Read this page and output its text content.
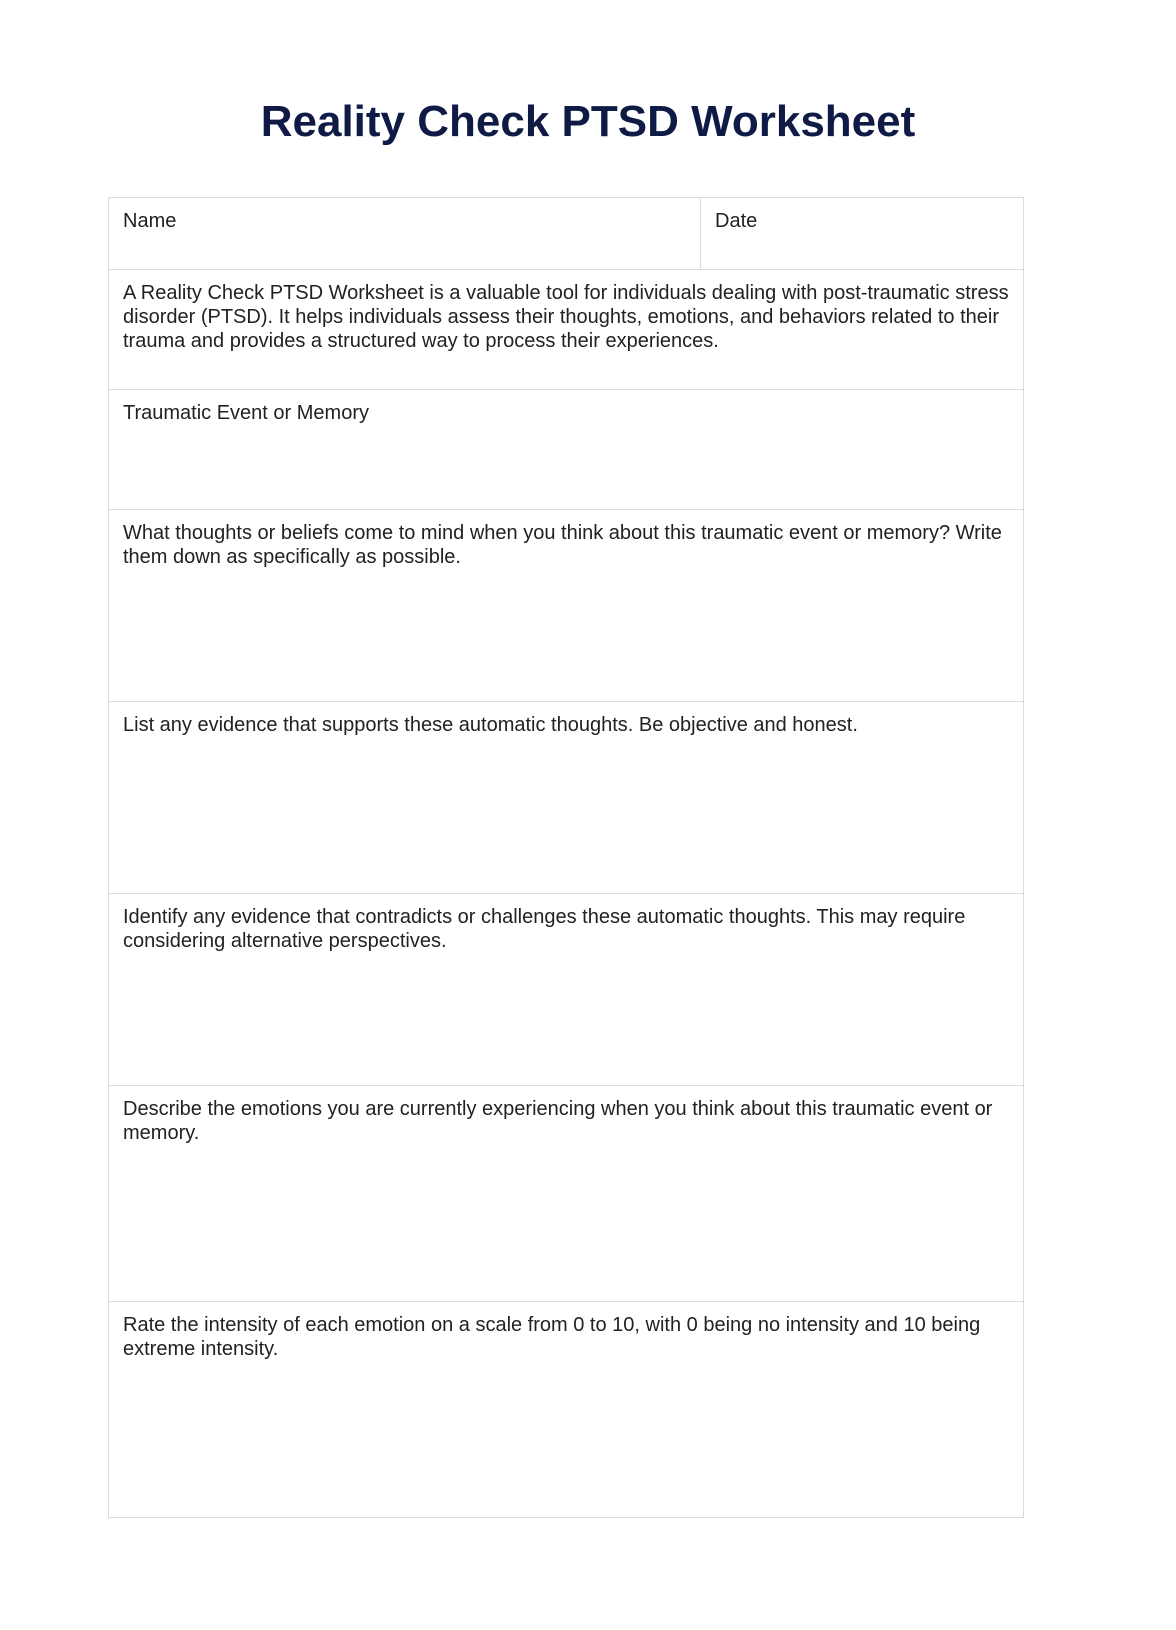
Reality Check PTSD Worksheet
Name	Date
A Reality Check PTSD Worksheet is a valuable tool for individuals dealing with post-traumatic stress disorder (PTSD). It helps individuals assess their thoughts, emotions, and behaviors related to their trauma and provides a structured way to process their experiences.
Traumatic Event or Memory
What thoughts or beliefs come to mind when you think about this traumatic event or memory? Write them down as specifically as possible.
List any evidence that supports these automatic thoughts. Be objective and honest.
Identify any evidence that contradicts or challenges these automatic thoughts. This may require considering alternative perspectives.
Describe the emotions you are currently experiencing when you think about this traumatic event or memory.
Rate the intensity of each emotion on a scale from 0 to 10, with 0 being no intensity and 10 being extreme intensity.
